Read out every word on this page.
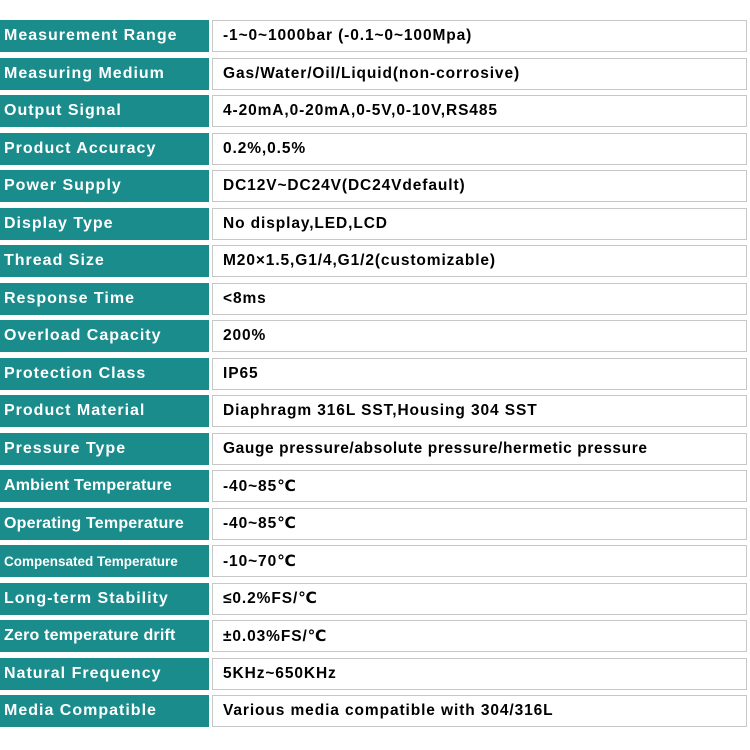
Measurement Range	-1~0~1000bar (-0.1~0~100Mpa)
Measuring Medium	Gas/Water/Oil/Liquid(non-corrosive)
Output Signal	4-20mA,0-20mA,0-5V,0-10V,RS485
Product Accuracy	0.2%,0.5%
Power Supply	DC12V~DC24V(DC24Vdefault)
Display Type	No display,LED,LCD
Thread Size	M20×1.5,G1/4,G1/2(customizable)
Response Time	<8ms
Overload Capacity	200%
Protection Class	IP65
Product Material	Diaphragm 316L SST,Housing 304 SST
Pressure Type	Gauge pressure/absolute pressure/hermetic pressure
Ambient Temperature	-40~85℃
Operating Temperature	-40~85℃
Compensated Temperature	-10~70℃
Long-term Stability	≤0.2%FS/℃
Zero temperature drift	±0.03%FS/℃
Natural Frequency	5KHz~650KHz
Media Compatible	Various media compatible with 304/316L
